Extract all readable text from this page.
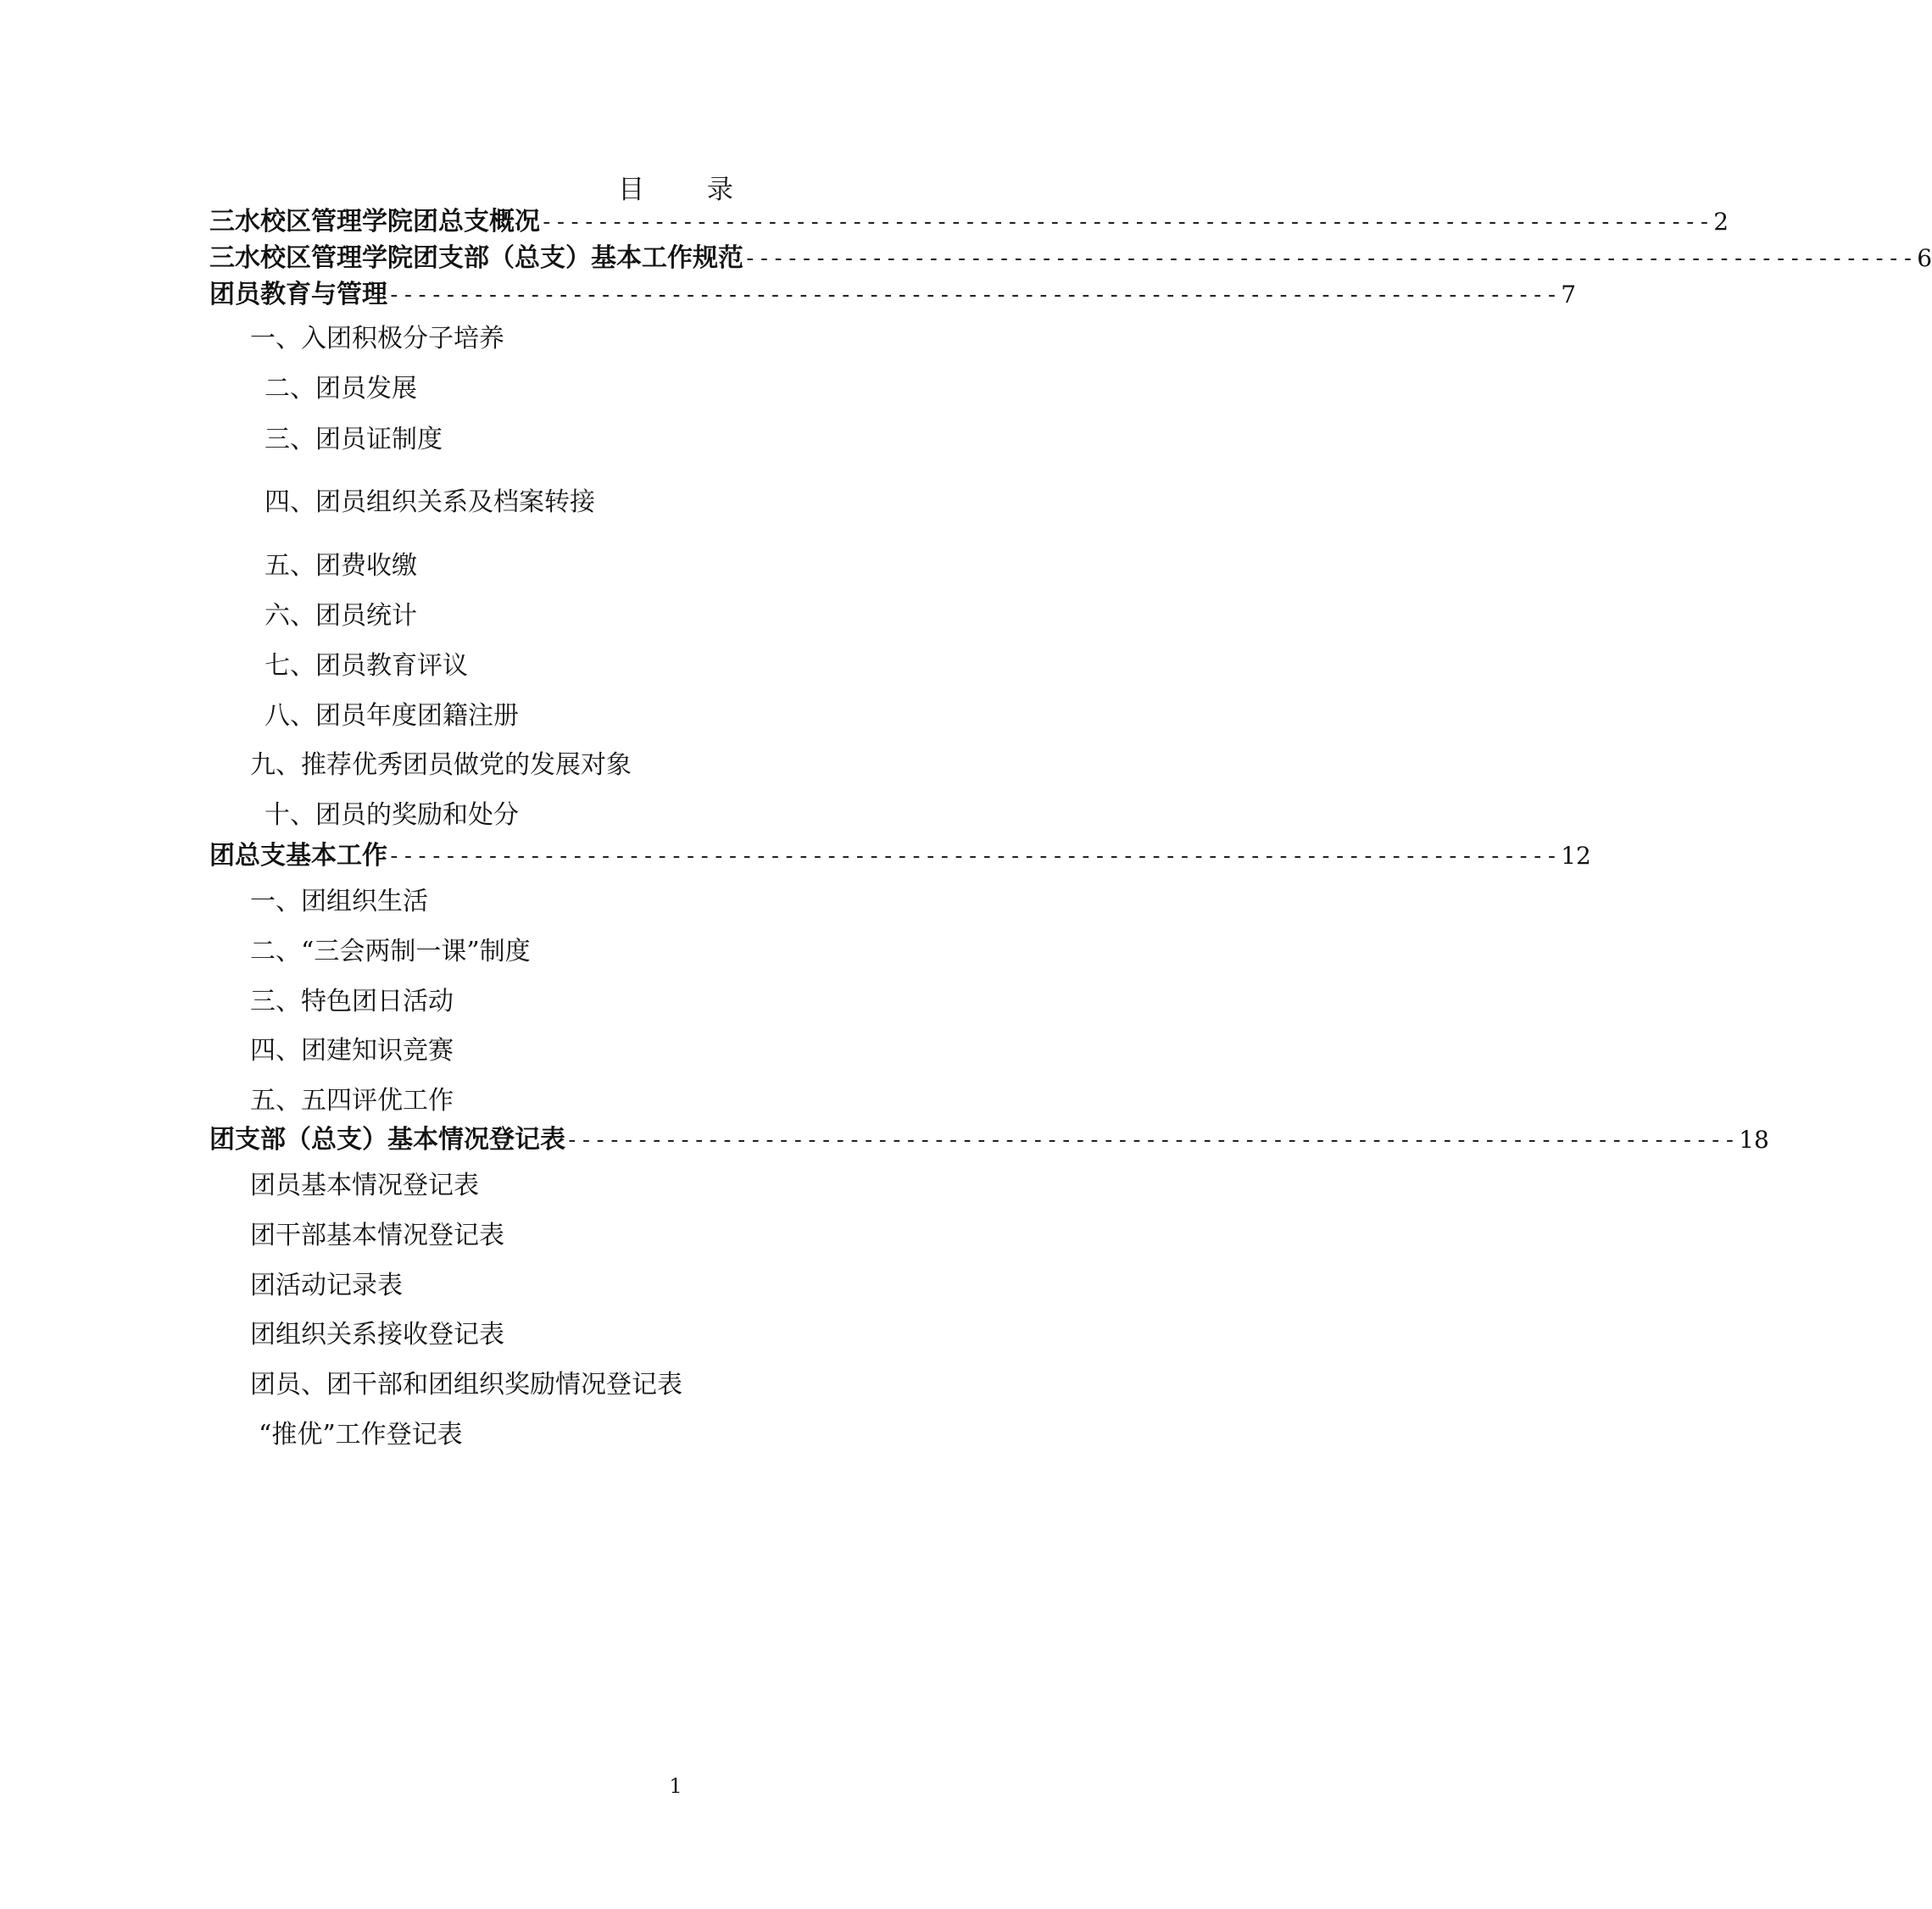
目 录
三水校区管理学院团总支概况 ----------------------------------------------------------------------------------- 2
三水校区管理学院团支部（总支）基本工作规范 ----------------------------------------------------------------------------------- 6
团员教育与管理 ----------------------------------------------------------------------------------- 7
一、入团积极分子培养
二、团员发展
三、团员证制度
四、团员组织关系及档案转接
五、团费收缴
六、团员统计
七、团员教育评议
八、团员年度团籍注册
九、推荐优秀团员做党的发展对象
十、团员的奖励和处分
团总支基本工作 ----------------------------------------------------------------------------------- 12
一、团组织生活
二、“三会两制一课”制度
三、特色团日活动
四、团建知识竞赛
五、五四评优工作
团支部（总支）基本情况登记表 ----------------------------------------------------------------------------------- 18
团员基本情况登记表
团干部基本情况登记表
团活动记录表
团组织关系接收登记表
团员、团干部和团组织奖励情况登记表
“推优”工作登记表
1
